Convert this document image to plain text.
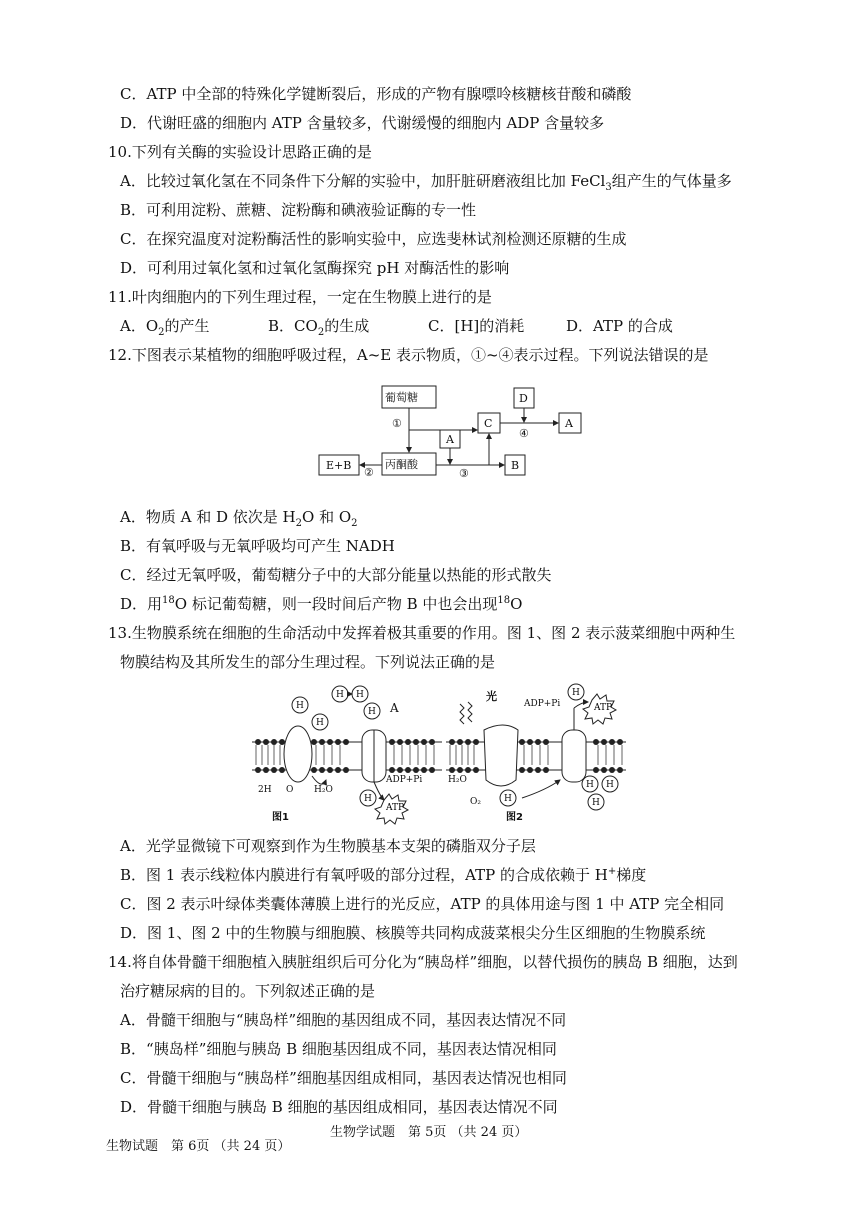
C．ATP 中全部的特殊化学键断裂后，形成的产物有腺嘌呤核糖核苷酸和磷酸
D．代谢旺盛的细胞内 ATP 含量较多，代谢缓慢的细胞内 ADP 含量较多
10.下列有关酶的实验设计思路正确的是
A．比较过氧化氢在不同条件下分解的实验中，加肝脏研磨液组比加 FeCl$_3$组产生的气体量多
B．可利用淀粉、蔗糖、淀粉酶和碘液验证酶的专一性
C．在探究温度对淀粉酶活性的影响实验中，应选斐林试剂检测还原糖的生成
D．可利用过氧化氢和过氧化氢酶探究 pH 对酶活性的影响
11.叶肉细胞内的下列生理过程，一定在生物膜上进行的是
A．$O_2$的产生	B．$CO_2$的生成	C．[H]的消耗	D．ATP 的合成
12.下图表示某植物的细胞呼吸过程，A~E 表示物质，①~④表示过程。下列说法错误的是
葡萄糖
丙酮酸
E+B
A
B
C
D
A
①
②	③
④
A．物质 A 和 D 依次是 $H_2O$ 和 $O_2$
B．有氧呼吸与无氧呼吸均可产生 NADH
C．经过无氧呼吸，葡萄糖分子中的大部分能量以热能的形式散失
D．用$^{18}$O 标记葡萄糖，则一段时间后产物 B 中也会出现$^{18}$O
13.生物膜系统在细胞的生命活动中发挥着极其重要的作用。图 1、图 2 表示菠菜细胞中两种生
物膜结构及其所发生的部分生理过程。下列说法正确的是
H
H
H H
H
H
A
ADP+Pi
2H O H₂O
图1
ATP
光
ADP+Pi
H₂O
O₂
图2
H
H
H H
H
ATP
A．光学显微镜下可观察到作为生物膜基本支架的磷脂双分子层
B．图 1 表示线粒体内膜进行有氧呼吸的部分过程，ATP 的合成依赖于 H+梯度
C．图 2 表示叶绿体类囊体薄膜上进行的光反应，ATP 的具体用途与图 1 中 ATP 完全相同
D．图 1、图 2 中的生物膜与细胞膜、核膜等共同构成菠菜根尖分生区细胞的生物膜系统
14.将自体骨髓干细胞植入胰脏组织后可分化为“胰岛样”细胞，以替代损伤的胰岛 B 细胞，达到
治疗糖尿病的目的。下列叙述正确的是
A．骨髓干细胞与“胰岛样”细胞的基因组成不同，基因表达情况不同
B．“胰岛样”细胞与胰岛 B 细胞基因组成不同，基因表达情况相同
C．骨髓干细胞与“胰岛样”细胞基因组成相同，基因表达情况也相同
D．骨髓干细胞与胰岛 B 细胞的基因组成相同，基因表达情况不同
生物学试题　第 5页 （共 24 页）
生物试题　第 6页 （共 24 页）
